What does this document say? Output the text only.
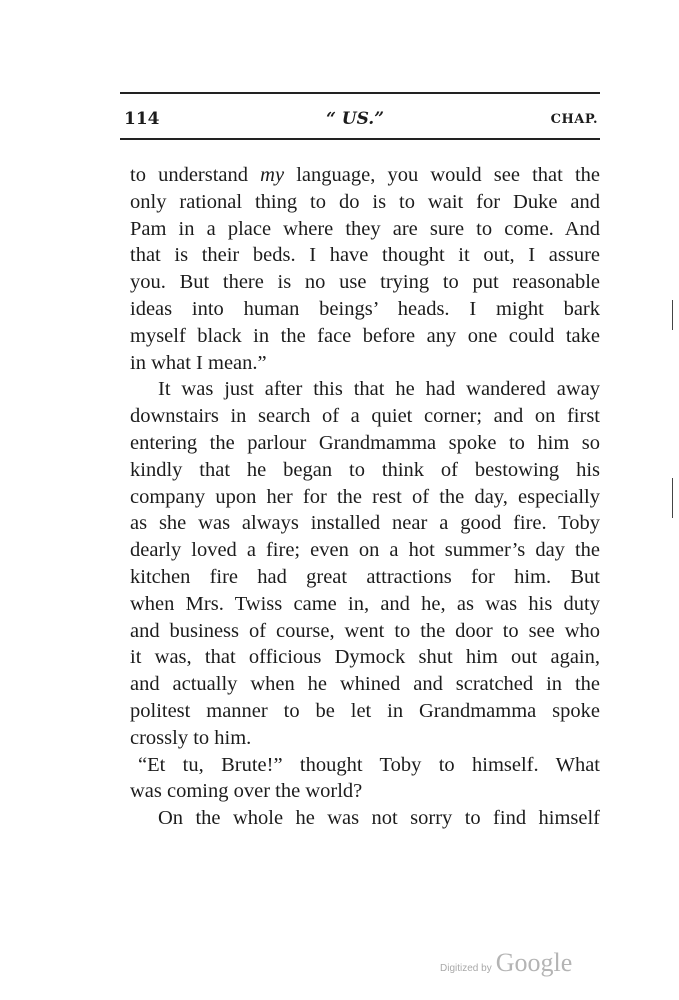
114	“ US.”	CHAP.
to understand my language, you would see that the
only rational thing to do is to wait for Duke and
Pam in a place where they are sure to come. And
that is their beds. I have thought it out, I assure
you. But there is no use trying to put reasonable
ideas into human beings’ heads. I might bark
myself black in the face before any one could take
in what I mean.”
It was just after this that he had wandered away
downstairs in search of a quiet corner; and on first
entering the parlour Grandmamma spoke to him so
kindly that he began to think of bestowing his
company upon her for the rest of the day, especially
as she was always installed near a good fire. Toby
dearly loved a fire; even on a hot summer’s day the
kitchen fire had great attractions for him. But
when Mrs. Twiss came in, and he, as was his duty
and business of course, went to the door to see who
it was, that officious Dymock shut him out again,
and actually when he whined and scratched in the
politest manner to be let in Grandmamma spoke
crossly to him.
“Et tu, Brute!” thought Toby to himself. What
was coming over the world?
On the whole he was not sorry to find himself
Digitized by Google
